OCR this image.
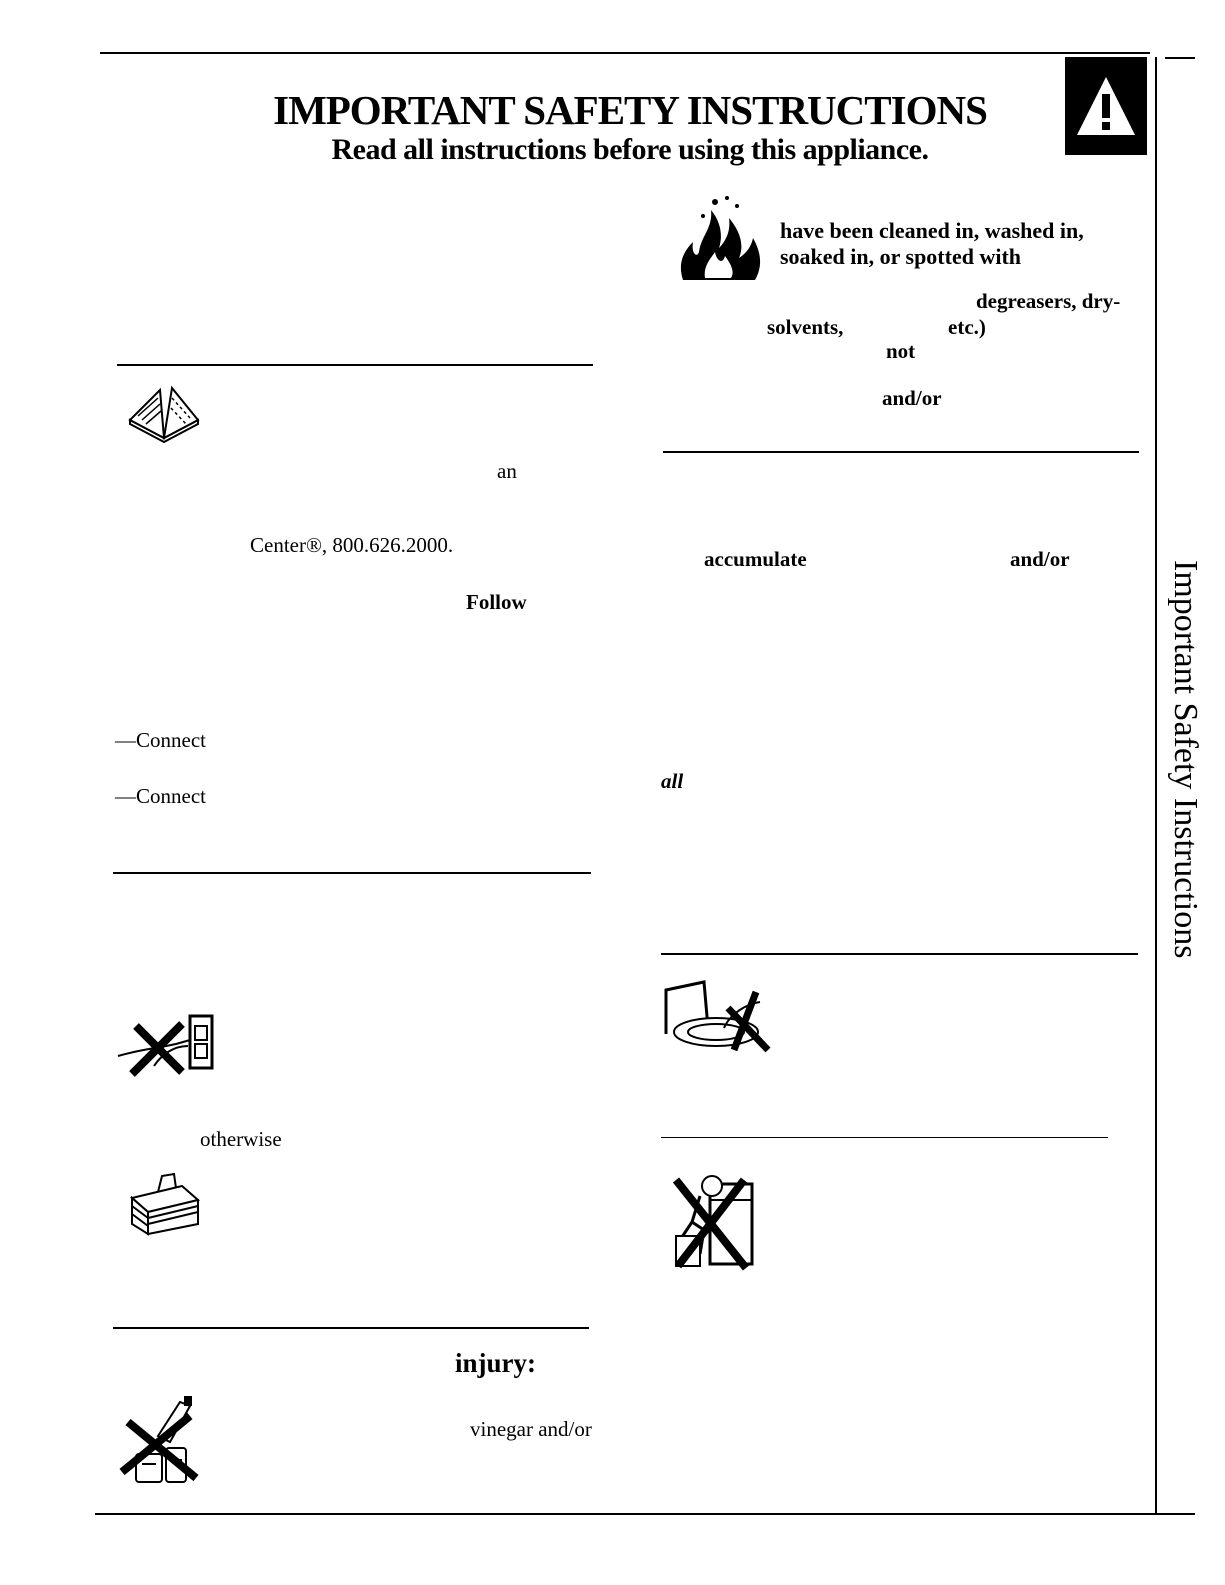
IMPORTANT SAFETY INSTRUCTIONS
Read all instructions before using this appliance.
Important Safety Instructions
an
Center®, 800.626.2000.
Follow
—Connect
—Connect
otherwise
injury:
vinegar and/or
have been cleaned in, washed in,
soaked in, or spotted with
degreasers, dry-
solvents,	etc.)
not
and/or
accumulate	and/or
all
